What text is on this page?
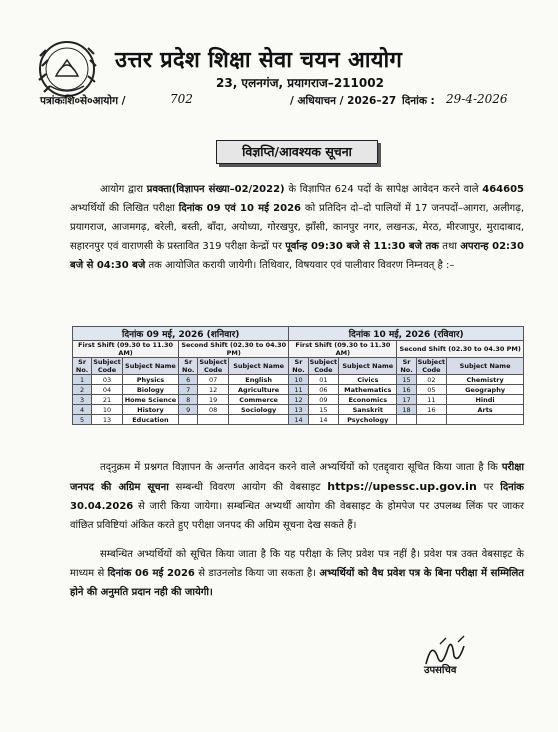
उत्तर प्रदेश शिक्षा सेवा चयन आयोग
23, एलनगंज, प्रयागराज–211002
पत्रांकःशि०से०आयोग /	702	/ अधियाचन / 2026–27 दिनांक : 29-4-2026
विज्ञप्ति/आवश्यक सूचना

आयोग द्वारा प्रवक्ता(विज्ञापन संख्या–02/2022) के विज्ञापित 624 पदों के सापेक्ष आवेदन करने वाले 464605 अभ्यर्थियों की लिखित परीक्षा दिनांक 09 एवं 10 मई 2026 को प्रतिदिन दो–दो पालियों में 17 जनपदों–आगरा, अलीगढ़, प्रयागराज, आजमगढ़, बरेली, बस्ती, बाँदा, अयोध्या, गोरखपुर, झाँसी, कानपुर नगर, लखनऊ, मेरठ, मीरजापुर, मुरादाबाद, सहारनपुर एवं वाराणसी के प्रस्तावित 319 परीक्षा केन्द्रों पर पूर्वान्ह 09:30 बजे से 11:30 बजे तक तथा अपरान्ह 02:30 बजे से 04:30 बजे तक आयोजित करायी जायेगी। तिथिवार, विषयवार एवं पालीवार विवरण निम्नवत् है :–

दिनांक 09 मई, 2026 (शनिवार)						दिनांक 10 मई, 2026 (रविवार)					
First Shift (09.30 to 11.30 AM)			Second Shift (02.30 to 04.30 PM)			First Shift (09.30 to 11.30 AM)			Second Shift (02.30 to 04.30 PM)		
Sr No.	Subject Code	Subject Name	Sr No.	Subject Code	Subject Name	Sr No.	Subject Code	Subject Name	Sr No.	Subject Code	Subject Name
1	03	Physics	6	07	English	10	01	Civics	15	02	Chemistry
2	04	Biology	7	12	Agriculture	11	06	Mathematics	16	05	Geography
3	21	Home Science	8	19	Commerce	12	09	Economics	17	11	Hindi
4	10	History	9	08	Sociology	13	15	Sanskrit	18	16	Arts
5	13	Education				14	14	Psychology			

तद्नुक्रम में प्रश्नगत विज्ञापन के अन्तर्गत आवेदन करने वाले अभ्यर्थियों को एतद्द्वारा सूचित किया जाता है कि परीक्षा जनपद की अग्रिम सूचना सम्बन्धी विवरण आयोग की वेबसाइट https://upessc.up.gov.in पर दिनांक 30.04.2026 से जारी किया जायेगा। सम्बन्धित अभ्यर्थी आयोग की वेबसाइट के होमपेज पर उपलब्ध लिंक पर जाकर वांछित प्रविष्टियां अंकित करते हुए परीक्षा जनपद की अग्रिम सूचना देख सकते हैं।

सम्बन्धित अभ्यर्थियों को सूचित किया जाता है कि यह परीक्षा के लिए प्रवेश पत्र नहीं है। प्रवेश पत्र उक्त वेबसाइट के माध्यम से दिनांक 06 मई 2026 से डाउनलोड किया जा सकता है। अभ्यर्थियों को वैध प्रवेश पत्र के बिना परीक्षा में सम्मिलित होने की अनुमति प्रदान नही की जायेगी।

उपसचिव
